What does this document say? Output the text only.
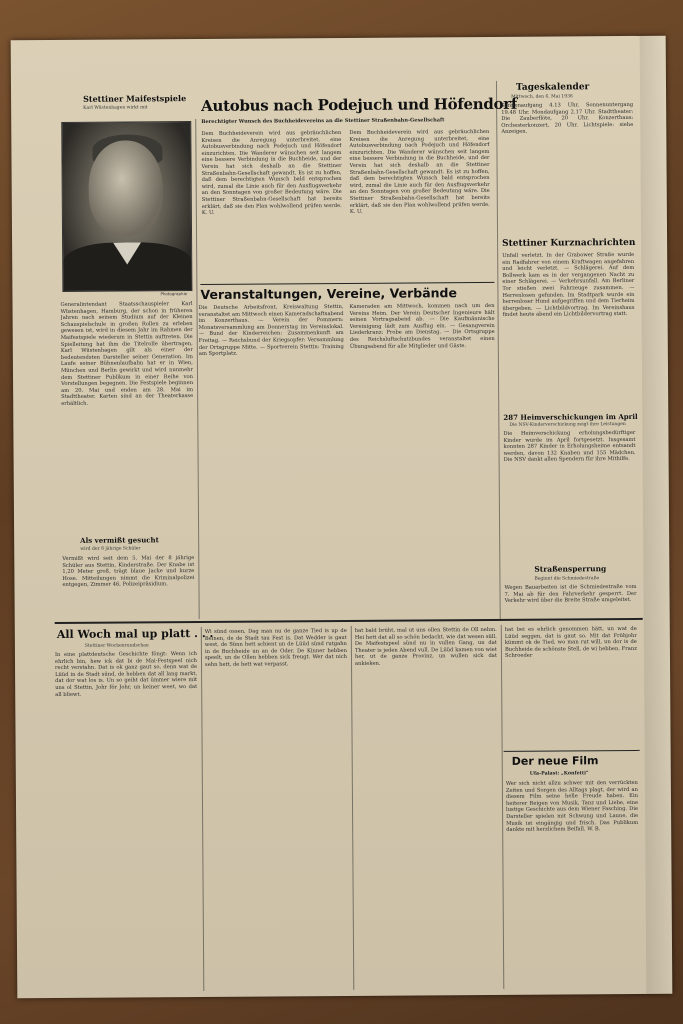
Stettiner Maifestspiele
Karl Wüstenhagen wirkt mit
Photographie
Generalintendant Staatsschauspieler Karl Wüstenhagen, Hamburg, der schon in früheren Jahren nach seinem Studium auf der Kleinen Schauspielschule in großen Rollen zu erleben gewesen ist, wird in diesem Jahr im Rahmen der Maifestspiele wiederum in Stettin auftreten. Die Spielleitung hat ihm die Titelrolle übertragen, Karl Wüstenhagen gilt als einer der bedeutendsten Darsteller seiner Generation. Im Laufe seiner Bühnenlaufbahn hat er in Wien, München und Berlin gewirkt und wird nunmehr dem Stettiner Publikum in einer Reihe von Vorstellungen begegnen. Die Festspiele beginnen am 20. Mai und enden am 28. Mai im Stadttheater. Karten sind an der Theaterkasse erhältlich.
Als vermißt gesucht
wird der 8 jährige Schüler
Vermißt wird seit dem 5. Mai der 8 jährige Schüler aus Stettin, Kinderstraße. Der Knabe ist 1,20 Meter groß, trägt blaue Jacke und kurze Hose. Mitteilungen nimmt die Kriminalpolizei entgegen, Zimmer 46, Polizeipräsidium.
Autobus nach Podejuch und Höfendorf
Berechtigter Wunsch des Buchheidevereins an die Stettiner Straßenbahn-Gesellschaft
Dem Buchheideverein wird aus gebräuchlichen Kreisen die Anregung unterbreitet, eine Autobusverbindung nach Podejuch und Höfendorf einzurichten. Die Wanderer wünschen seit langem eine bessere Verbindung in die Buchheide, und der Verein hat sich deshalb an die Stettiner Straßenbahn-Gesellschaft gewandt. Es ist zu hoffen, daß dem berechtigten Wunsch bald entsprochen wird, zumal die Linie auch für den Ausflugsverkehr an den Sonntagen von großer Bedeutung wäre. Die Stettiner Straßenbahn-Gesellschaft hat bereits erklärt, daß sie den Plan wohlwollend prüfen werde. K. U.
Dem Buchheideverein wird aus gebräuchlichen Kreisen die Anregung unterbreitet, eine Autobusverbindung nach Podejuch und Höfendorf einzurichten. Die Wanderer wünschen seit langem eine bessere Verbindung in die Buchheide, und der Verein hat sich deshalb an die Stettiner Straßenbahn-Gesellschaft gewandt. Es ist zu hoffen, daß dem berechtigten Wunsch bald entsprochen wird, zumal die Linie auch für den Ausflugsverkehr an den Sonntagen von großer Bedeutung wäre. Die Stettiner Straßenbahn-Gesellschaft hat bereits erklärt, daß sie den Plan wohlwollend prüfen werde. K. U.
Veranstaltungen, Vereine, Verbände
Die Deutsche Arbeitsfront, Kreiswaltung Stettin, veranstaltet am Mittwoch einen Kameradschaftsabend im Konzerthaus. — Verein der Pommern: Monatsversammlung am Donnerstag im Vereinslokal. — Bund der Kinderreichen: Zusammenkunft am Freitag. — Reichsbund der Kriegsopfer: Versammlung der Ortsgruppe Mitte. — Sportverein Stettin: Training am Sportplatz.
Kameraden am Mittwoch, kommen nach um den Vereins Heim. Der Verein Deutscher Ingenieure hält seinen Vortragsabend ab. — Die Kaufmännische Vereinigung lädt zum Ausflug ein. — Gesangverein Liederkranz: Probe am Dienstag. — Die Ortsgruppe des Reichsluftschutzbundes veranstaltet einen Übungsabend für alle Mitglieder und Gäste.
Tageskalender
Mittwoch, den 6. Mai 1936
Sonnenaufgang 4.13 Uhr, Sonnenuntergang 19.48 Uhr. Mondaufgang 2.17 Uhr. Stadttheater: Die Zauberflöte, 20 Uhr. Konzerthaus: Orchesterkonzert, 20 Uhr. Lichtspiele: siehe Anzeigen.
Stettiner Kurznachrichten
Unfall verletzt. In der Grabower Straße wurde ein Radfahrer von einem Kraftwagen angefahren und leicht verletzt. — Schlägerei. Auf dem Bollwerk kam es in der vergangenen Nacht zu einer Schlägerei. — Verkehrsunfall. Am Berliner Tor stießen zwei Fahrzeuge zusammen. — Herrenlosen gefunden. Im Stadtpark wurde ein herrenloser Hund aufgegriffen und dem Tierheim übergeben. — Lichtbildvortrag. Im Vereinshaus findet heute abend ein Lichtbildervortrag statt.
287 Heimverschickungen im April
Die NSV-Kinderverschickung zeigt ihre Leistungen
Die Heimverschickung erholungsbedürftiger Kinder wurde im April fortgesetzt. Insgesamt konnten 287 Kinder in Erholungsheime entsandt werden, davon 132 Knaben und 155 Mädchen. Die NSV dankt allen Spendern für ihre Mithilfe.
Straßensperrung
Beginnt die Schmiedestraße
Wegen Bauarbeiten ist die Schmiedestraße vom 7. Mai ab für den Fahrverkehr gesperrt. Der Verkehr wird über die Breite Straße umgeleitet.
All Woch mal up platt . . .
Stettiner Wochenrundschau
In eine plattdeutsche Geschichte föngt: Wenn ich ehrlich bin, hew ick dat bi de Mai-Festspeel nich recht verstahn. Dat is ok ganz gaut so, denn wat de Lüüd in de Stadt sünd, de hebben dat all lang markt, dat dor wat los is. Un so geiht dat ümmer wiere mit uns ol Stettin, Johr för Johr, un keiner weet, wo dat all bliewt.
Wi sünd ossen, Dag man nu de ganze Tied is up de Beinen, de de Stadt tau Fest is. Dat Wedder is gaut west, de Sünn hett schient un de Lüüd sünd rutgahn in de Buchheide un an de Oder. De Kinner hebben speelt, un de Ollen hebben sick freugt. Wer dat nich sehn hett, de hett wat verpasst.
hat bald brüht, mal ut uns ollen Stettin de Oll nehm. Hei hett dat all so schön bedacht, wie dat wesen süll. De Maifestspeel sünd nu in vullen Gang, un dat Theater is jeden Abend vull. De Lüüd kamen von wiet her, ut de ganze Provinz, un wullen sick dat ankieken.
hat bei es ehrlich genommen hätt, un wat de Lüüd seggen, dat is gaut so. Mit dat Frühjohr kümmt ok de Tied, wo man rut will, un dor is de Buchheide de schönste Stell, de wi hebben. Franz Schroeder
Der neue Film
Ufa-Palast: „Konfetti“
Wer sich nicht allzu schwer mit den verrückten Zeiten und Sorgen des Alltags plagt, der wird an diesem Film seine helle Freude haben. Ein heiterer Reigen von Musik, Tanz und Liebe, eine lustige Geschichte aus dem Wiener Fasching. Die Darsteller spielen mit Schwung und Laune, die Musik ist eingängig und frisch. Das Publikum dankte mit herzlichem Beifall. W. B.
